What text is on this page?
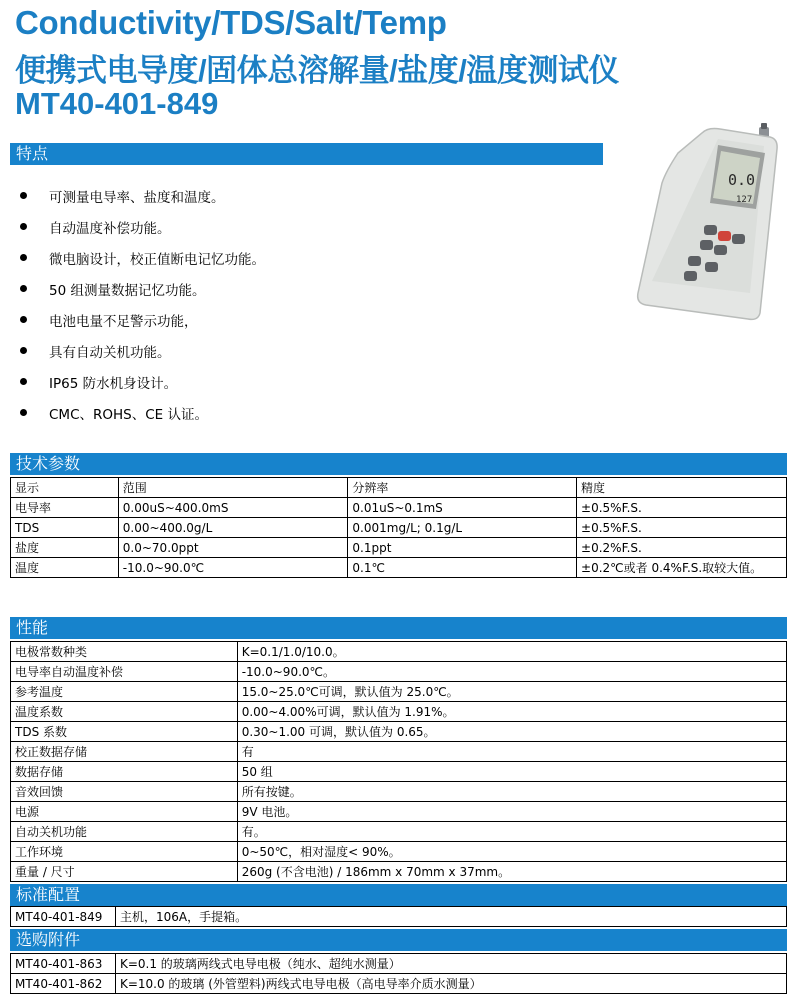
Conductivity/TDS/Salt/Temp
便携式电导度/固体总溶解量/盐度/温度测试仪
MT40-401-849
特点
可测量电导率、盐度和温度。
自动温度补偿功能。
微电脑设计，校正值断电记忆功能。
50 组测量数据记忆功能。
电池电量不足警示功能，
具有自动关机功能。
IP65 防水机身设计。
CMC、ROHS、CE 认证。
0.0
127
技术参数
显示	范围	分辨率	精度
电导率	0.00uS~400.0mS	0.01uS~0.1mS	±0.5%F.S.
TDS	0.00~400.0g/L	0.001mg/L; 0.1g/L	±0.5%F.S.
盐度	0.0~70.0ppt	0.1ppt	±0.2%F.S.
温度	-10.0~90.0℃	0.1℃	±0.2℃或者 0.4%F.S.取较大值。
性能
电极常数种类	K=0.1/1.0/10.0。
电导率自动温度补偿	-10.0~90.0℃。
参考温度	15.0~25.0℃可调，默认值为 25.0℃。
温度系数	0.00~4.00%可调，默认值为 1.91%。
TDS 系数	0.30~1.00 可调，默认值为 0.65。
校正数据存储	有
数据存储	50 组
音效回馈	所有按键。
电源	9V 电池。
自动关机功能	有。
工作环境	0~50℃，相对湿度< 90%。
重量 / 尺寸	260g (不含电池) / 186mm x 70mm x 37mm。
标准配置
MT40-401-849	主机，106A，手提箱。
选购附件
MT40-401-863	K=0.1 的玻璃两线式电导电极（纯水、超纯水测量）
MT40-401-862	K=10.0 的玻璃 (外管塑料)两线式电导电极（高电导率介质水测量）
